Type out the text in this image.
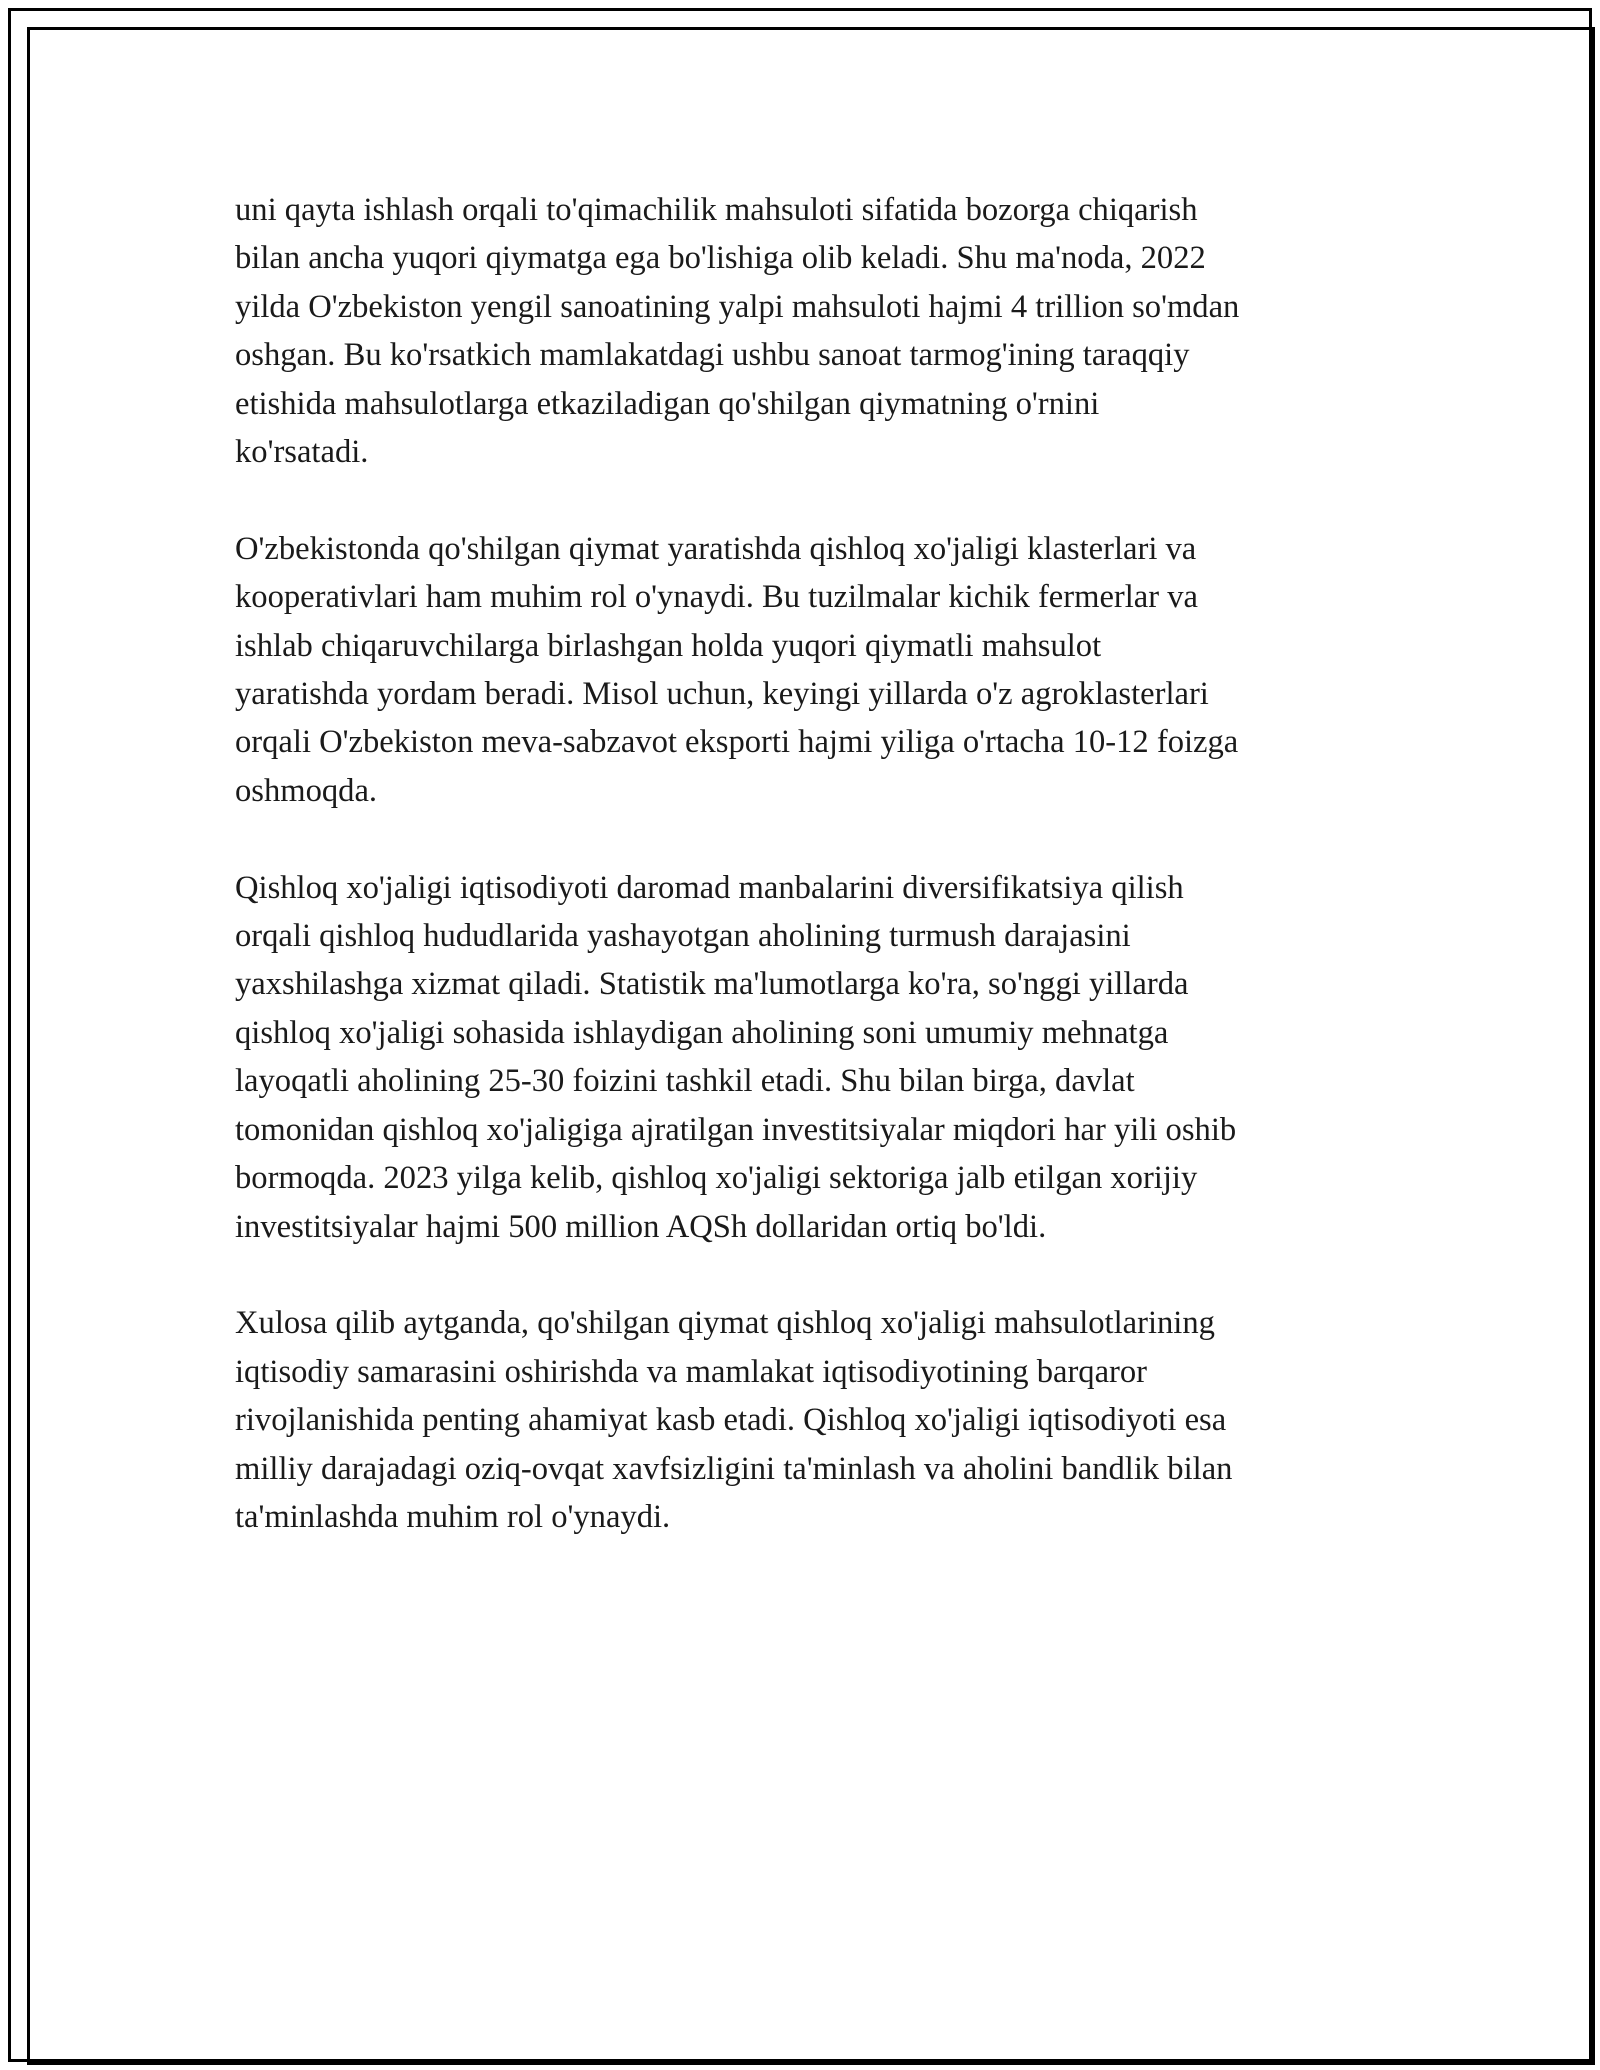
uni qayta ishlash orqali to'qimachilik mahsuloti sifatida bozorga chiqarish
bilan ancha yuqori qiymatga ega bo'lishiga olib keladi. Shu ma'noda, 2022
yilda O'zbekiston yengil sanoatining yalpi mahsuloti hajmi 4 trillion so'mdan
oshgan. Bu ko'rsatkich mamlakatdagi ushbu sanoat tarmog'ining taraqqiy
etishida mahsulotlarga etkaziladigan qo'shilgan qiymatning o'rnini
ko'rsatadi.

O'zbekistonda qo'shilgan qiymat yaratishda qishloq xo'jaligi klasterlari va
kooperativlari ham muhim rol o'ynaydi. Bu tuzilmalar kichik fermerlar va
ishlab chiqaruvchilarga birlashgan holda yuqori qiymatli mahsulot
yaratishda yordam beradi. Misol uchun, keyingi yillarda o'z agroklasterlari
orqali O'zbekiston meva-sabzavot eksporti hajmi yiliga o'rtacha 10-12 foizga
oshmoqda.

Qishloq xo'jaligi iqtisodiyoti daromad manbalarini diversifikatsiya qilish
orqali qishloq hududlarida yashayotgan aholining turmush darajasini
yaxshilashga xizmat qiladi. Statistik ma'lumotlarga ko'ra, so'nggi yillarda
qishloq xo'jaligi sohasida ishlaydigan aholining soni umumiy mehnatga
layoqatli aholining 25-30 foizini tashkil etadi. Shu bilan birga, davlat
tomonidan qishloq xo'jaligiga ajratilgan investitsiyalar miqdori har yili oshib
bormoqda. 2023 yilga kelib, qishloq xo'jaligi sektoriga jalb etilgan xorijiy
investitsiyalar hajmi 500 million AQSh dollaridan ortiq bo'ldi.

Xulosa qilib aytganda, qo'shilgan qiymat qishloq xo'jaligi mahsulotlarining
iqtisodiy samarasini oshirishda va mamlakat iqtisodiyotining barqaror
rivojlanishida penting ahamiyat kasb etadi. Qishloq xo'jaligi iqtisodiyoti esa
milliy darajadagi oziq-ovqat xavfsizligini ta'minlash va aholini bandlik bilan
ta'minlashda muhim rol o'ynaydi.
